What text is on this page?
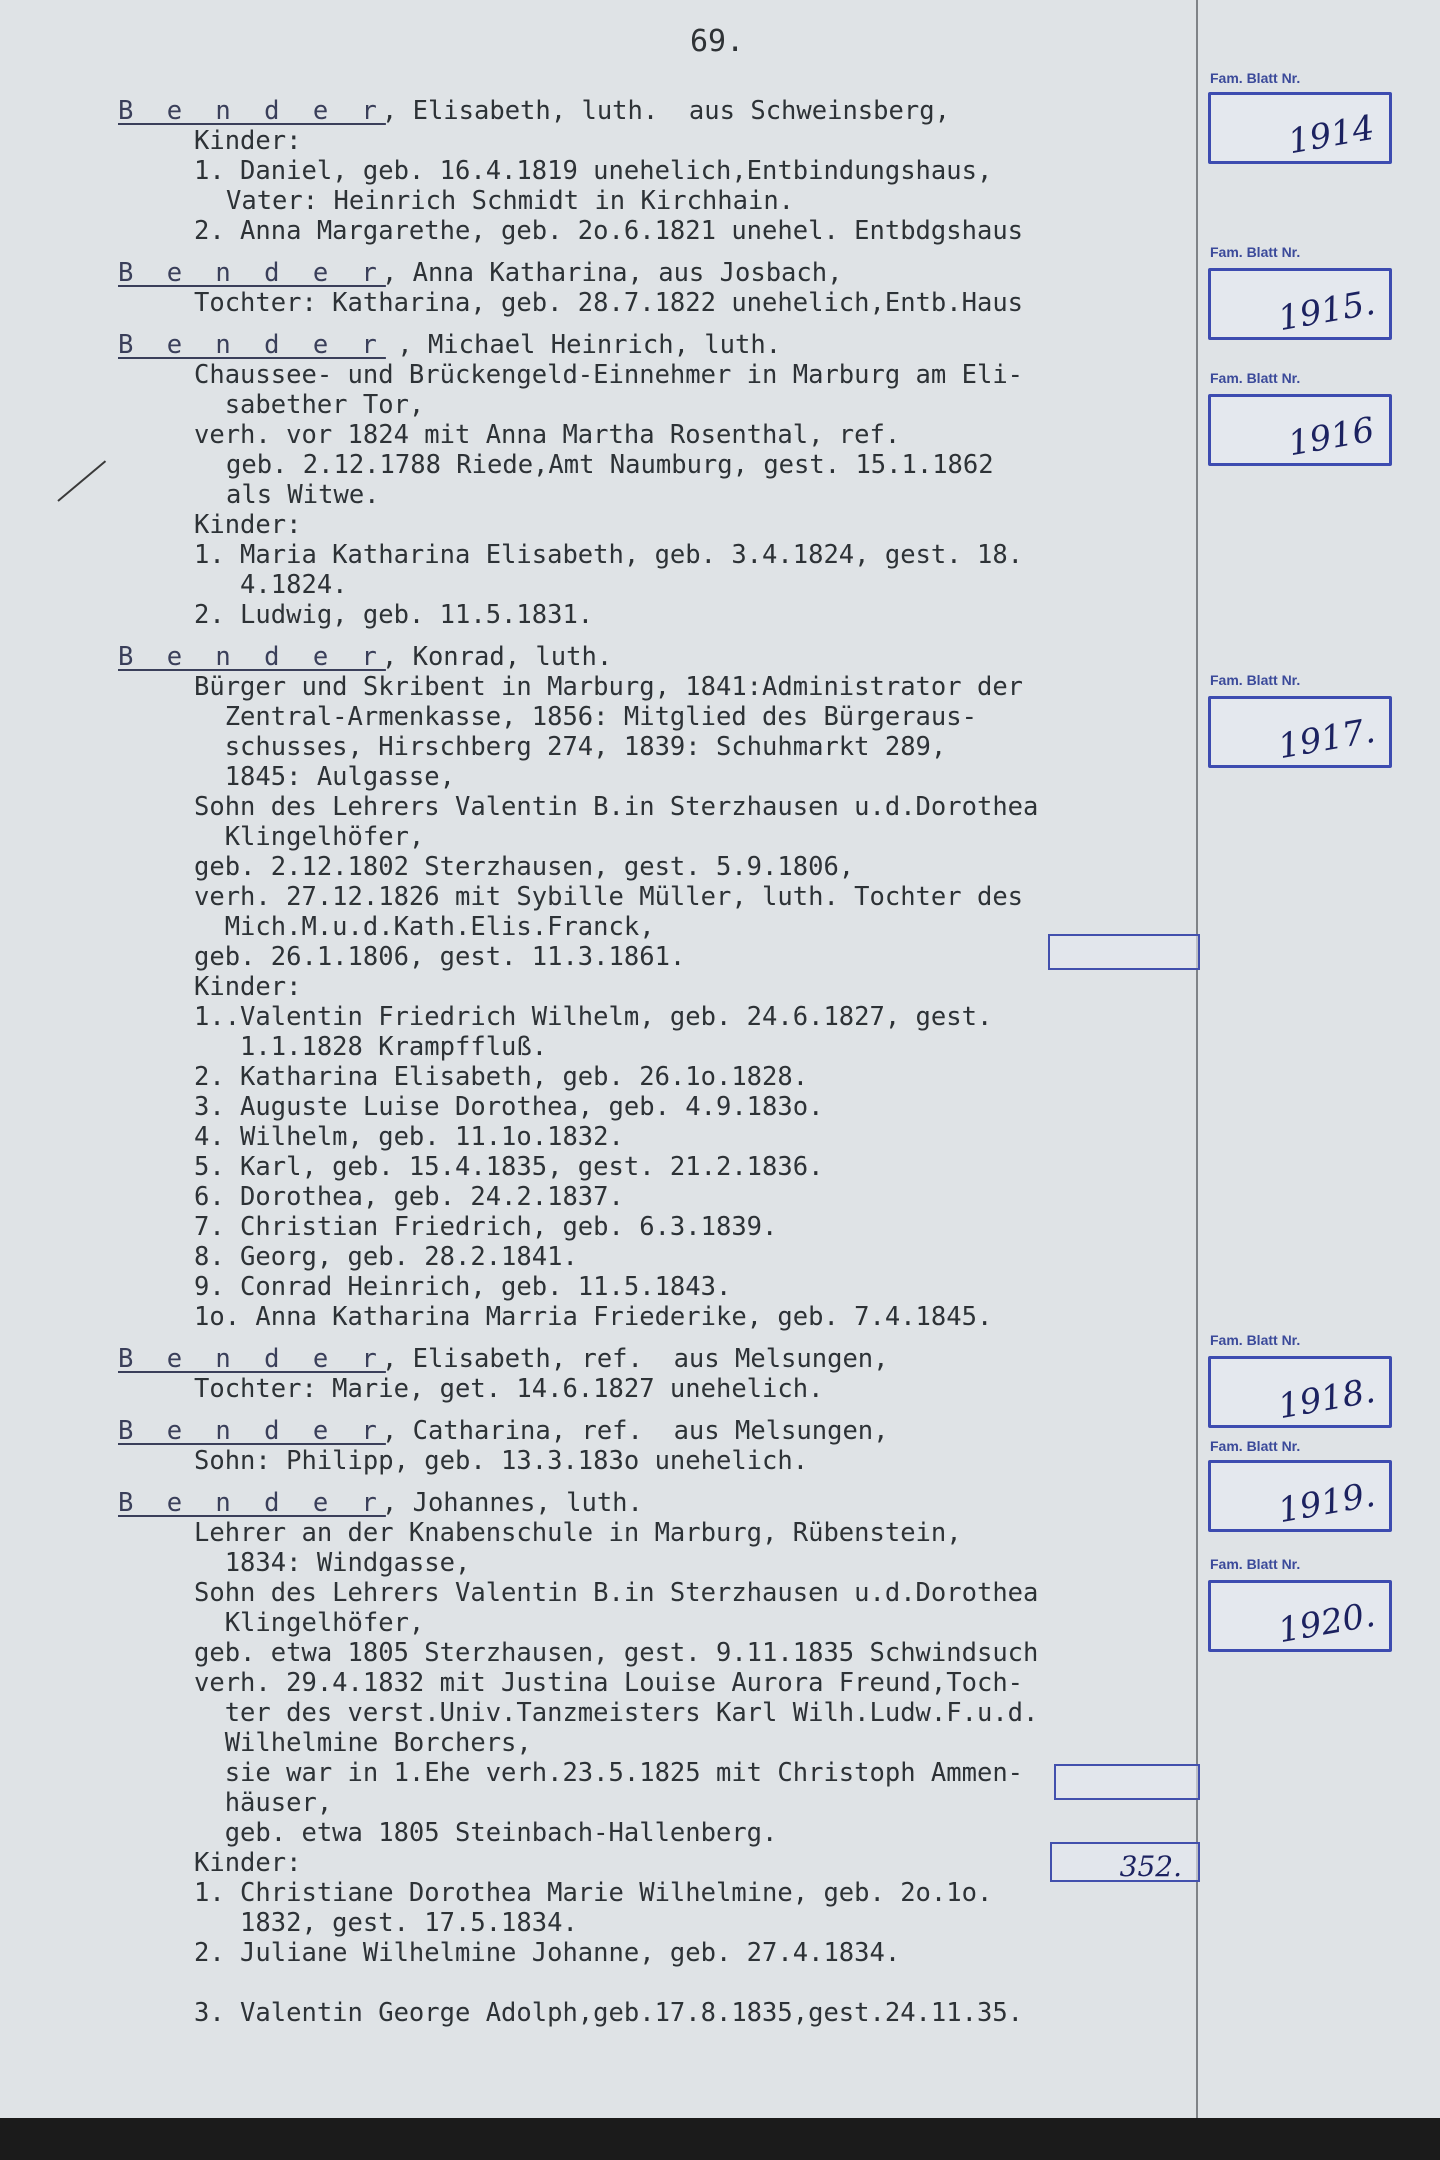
69.
B e n d e r, Elisabeth, luth.  aus Schweinsberg,
Kinder:
1. Daniel, geb. 16.4.1819 unehelich,Entbindungshaus,
Vater: Heinrich Schmidt in Kirchhain.
2. Anna Margarethe, geb. 2o.6.1821 unehel. Entbdgshaus
B e n d e r, Anna Katharina, aus Josbach,
Tochter: Katharina, geb. 28.7.1822 unehelich,Entb.Haus
B e n d e r , Michael Heinrich, luth.
Chaussee- und Brückengeld-Einnehmer in Marburg am Eli-
sabether Tor,
verh. vor 1824 mit Anna Martha Rosenthal, ref.
geb. 2.12.1788 Riede,Amt Naumburg, gest. 15.1.1862
als Witwe.
Kinder:
1. Maria Katharina Elisabeth, geb. 3.4.1824, gest. 18.
4.1824.
2. Ludwig, geb. 11.5.1831.
B e n d e r, Konrad, luth.
Bürger und Skribent in Marburg, 1841:Administrator der
Zentral-Armenkasse, 1856: Mitglied des Bürgeraus-
schusses, Hirschberg 274, 1839: Schuhmarkt 289,
1845: Aulgasse,
Sohn des Lehrers Valentin B.in Sterzhausen u.d.Dorothea
Klingelhöfer,
geb. 2.12.1802 Sterzhausen, gest. 5.9.1806,
verh. 27.12.1826 mit Sybille Müller, luth. Tochter des
Mich.M.u.d.Kath.Elis.Franck,
geb. 26.1.1806, gest. 11.3.1861.
Kinder:
1..Valentin Friedrich Wilhelm, geb. 24.6.1827, gest.
1.1.1828 Krampffluß.
2. Katharina Elisabeth, geb. 26.1o.1828.
3. Auguste Luise Dorothea, geb. 4.9.183o.
4. Wilhelm, geb. 11.1o.1832.
5. Karl, geb. 15.4.1835, gest. 21.2.1836.
6. Dorothea, geb. 24.2.1837.
7. Christian Friedrich, geb. 6.3.1839.
8. Georg, geb. 28.2.1841.
9. Conrad Heinrich, geb. 11.5.1843.
1o. Anna Katharina Marria Friederike, geb. 7.4.1845.
B e n d e r, Elisabeth, ref.  aus Melsungen,
Tochter: Marie, get. 14.6.1827 unehelich.
B e n d e r, Catharina, ref.  aus Melsungen,
Sohn: Philipp, geb. 13.3.183o unehelich.
B e n d e r, Johannes, luth.
Lehrer an der Knabenschule in Marburg, Rübenstein,
1834: Windgasse,
Sohn des Lehrers Valentin B.in Sterzhausen u.d.Dorothea
Klingelhöfer,
geb. etwa 1805 Sterzhausen, gest. 9.11.1835 Schwindsuch
verh. 29.4.1832 mit Justina Louise Aurora Freund,Toch-
ter des verst.Univ.Tanzmeisters Karl Wilh.Ludw.F.u.d.
Wilhelmine Borchers,
sie war in 1.Ehe verh.23.5.1825 mit Christoph Ammen-
häuser,
geb. etwa 1805 Steinbach-Hallenberg.
Kinder:
1. Christiane Dorothea Marie Wilhelmine, geb. 2o.1o.
1832, gest. 17.5.1834.
2. Juliane Wilhelmine Johanne, geb. 27.4.1834.
3. Valentin George Adolph,geb.17.8.1835,gest.24.11.35.
Fam. Blatt Nr.
1914
Fam. Blatt Nr.
1915.
Fam. Blatt Nr.
1916
Fam. Blatt Nr.
1917.
Fam. Blatt Nr.
1918.
Fam. Blatt Nr.
1919.
Fam. Blatt Nr.
1920.
352.
